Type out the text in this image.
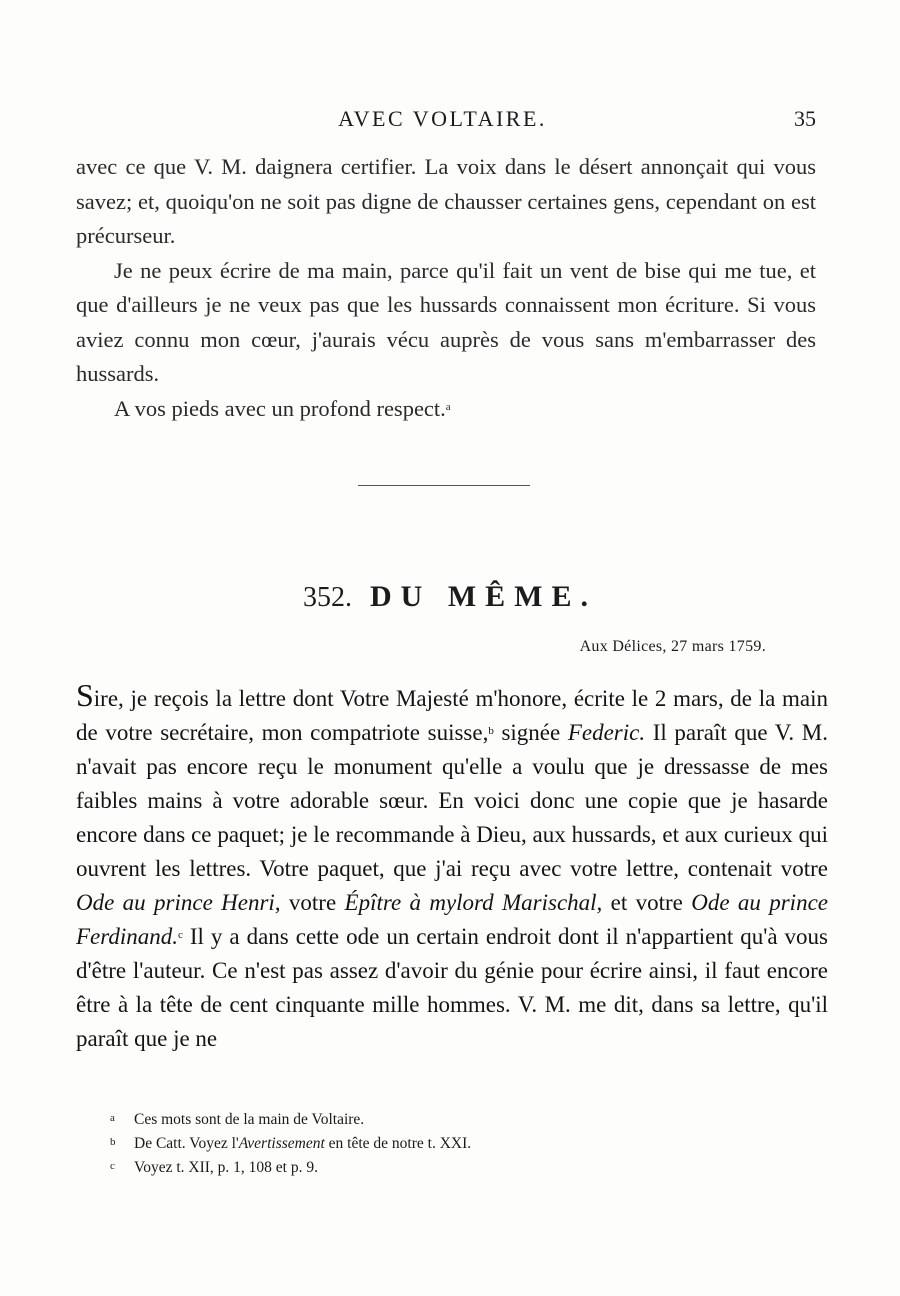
AVEC VOLTAIRE.	35

avec ce que V. M. daignera certifier. La voix dans le désert annonçait qui vous savez; et, quoiqu'on ne soit pas digne de chausser certaines gens, cependant on est précurseur.

Je ne peux écrire de ma main, parce qu'il fait un vent de bise qui me tue, et que d'ailleurs je ne veux pas que les hussards connaissent mon écriture. Si vous aviez connu mon cœur, j'aurais vécu auprès de vous sans m'embarrasser des hussards.

A vos pieds avec un profond respect.$^a$

352. DU MÊME.
Aux Délices, 27 mars 1759.

Sire, je reçois la lettre dont Votre Majesté m'honore, écrite le 2 mars, de la main de votre secrétaire, mon compatriote suisse,$^b$ signée Federic. Il paraît que V. M. n'avait pas encore reçu le monument qu'elle a voulu que je dressasse de mes faibles mains à votre adorable sœur. En voici donc une copie que je hasarde encore dans ce paquet; je le recommande à Dieu, aux hussards, et aux curieux qui ouvrent les lettres. Votre paquet, que j'ai reçu avec votre lettre, contenait votre Ode au prince Henri, votre Épître à mylord Marischal, et votre Ode au prince Ferdinand.$^c$ Il y a dans cette ode un certain endroit dont il n'appartient qu'à vous d'être l'auteur. Ce n'est pas assez d'avoir du génie pour écrire ainsi, il faut encore être à la tête de cent cinquante mille hommes. V. M. me dit, dans sa lettre, qu'il paraît que je ne

a	Ces mots sont de la main de Voltaire.
b	De Catt. Voyez l'Avertissement en tête de notre t. XXI.
c	Voyez t. XII, p. 1, 108 et p. 9.
